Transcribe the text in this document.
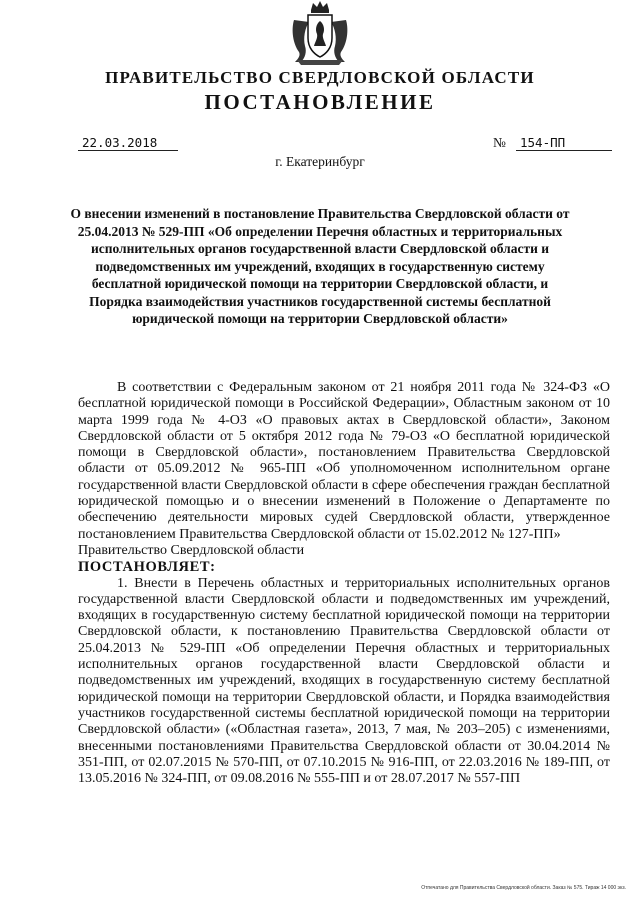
ПРАВИТЕЛЬСТВО СВЕРДЛОВСКОЙ ОБЛАСТИ
ПОСТАНОВЛЕНИЕ
22.03.2018	№	154-ПП
г. Екатеринбург
О внесении изменений в постановление Правительства Свердловской области от 25.04.2013 № 529-ПП «Об определении Перечня областных и территориальных исполнительных органов государственной власти Свердловской области и подведомственных им учреждений, входящих в государственную систему бесплатной юридической помощи на территории Свердловской области, и Порядка взаимодействия участников государственной системы бесплатной юридической помощи на территории Свердловской области»

В соответствии с Федеральным законом от 21 ноября 2011 года № 324-ФЗ «О бесплатной юридической помощи в Российской Федерации», Областным законом от 10 марта 1999 года № 4-ОЗ «О правовых актах в Свердловской области», Законом Свердловской области от 5 октября 2012 года № 79-ОЗ «О бесплатной юридической помощи в Свердловской области», постановлением Правительства Свердловской области от 05.09.2012 № 965-ПП «Об уполномоченном исполнительном органе государственной власти Свердловской области в сфере обеспечения граждан бесплатной юридической помощью и о внесении изменений в Положение о Департаменте по обеспечению деятельности мировых судей Свердловской области, утвержденное постановлением Правительства Свердловской области от 15.02.2012 № 127-ПП»

Правительство Свердловской области

ПОСТАНОВЛЯЕТ:

1. Внести в Перечень областных и территориальных исполнительных органов государственной власти Свердловской области и подведомственных им учреждений, входящих в государственную систему бесплатной юридической помощи на территории Свердловской области, к постановлению Правительства Свердловской области от 25.04.2013 № 529-ПП «Об определении Перечня областных и территориальных исполнительных органов государственной власти Свердловской области и подведомственных им учреждений, входящих в государственную систему бесплатной юридической помощи на территории Свердловской области, и Порядка взаимодействия участников государственной системы бесплатной юридической помощи на территории Свердловской области» («Областная газета», 2013, 7 мая, № 203–205) с изменениями, внесенными постановлениями Правительства Свердловской области от 30.04.2014 № 351-ПП, от 02.07.2015 № 570-ПП, от 07.10.2015 № 916-ПП, от 22.03.2016 № 189-ПП, от 13.05.2016 № 324-ПП, от 09.08.2016 № 555-ПП и от 28.07.2017 № 557-ПП

Отпечатано для Правительства Свердловской области. Заказ № 575. Тираж 14 000 экз.
